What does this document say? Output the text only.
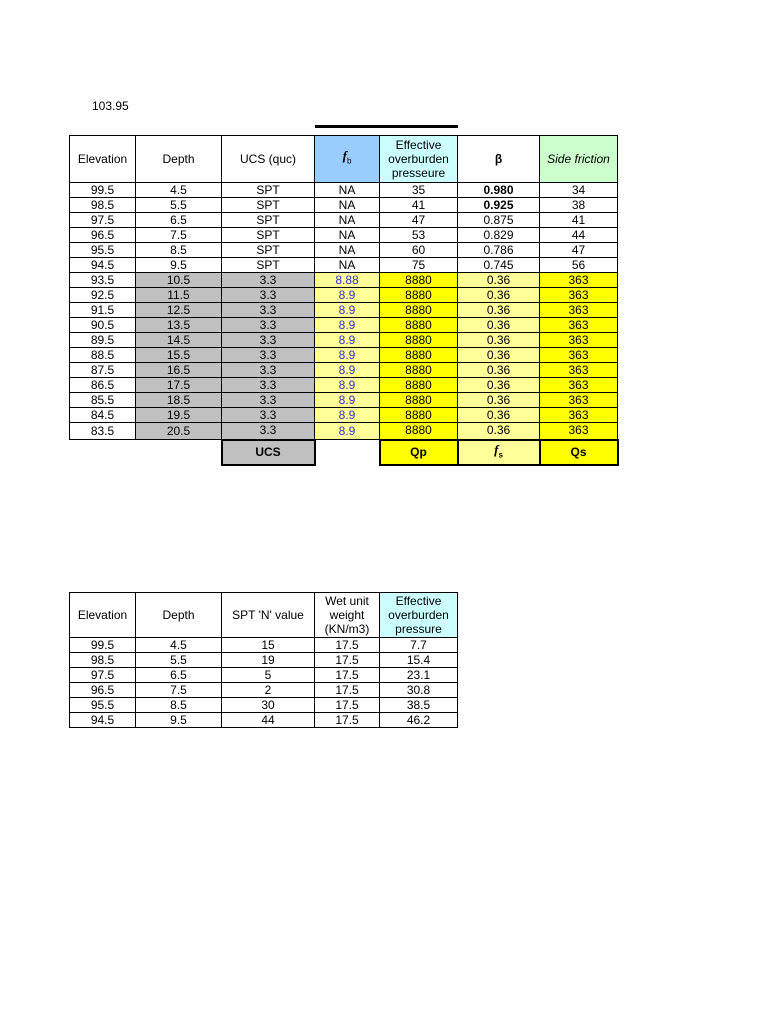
103.95
Elevation	Depth	UCS (quc)	$f_b$	Effective overburden presseure	β	Side friction
99.5	4.5	SPT	NA	35	0.980	34
98.5	5.5	SPT	NA	41	0.925	38
97.5	6.5	SPT	NA	47	0.875	41
96.5	7.5	SPT	NA	53	0.829	44
95.5	8.5	SPT	NA	60	0.786	47
94.5	9.5	SPT	NA	75	0.745	56
93.5	10.5	3.3	8.88	8880	0.36	363
92.5	11.5	3.3	8.9	8880	0.36	363
91.5	12.5	3.3	8.9	8880	0.36	363
90.5	13.5	3.3	8.9	8880	0.36	363
89.5	14.5	3.3	8.9	8880	0.36	363
88.5	15.5	3.3	8.9	8880	0.36	363
87.5	16.5	3.3	8.9	8880	0.36	363
86.5	17.5	3.3	8.9	8880	0.36	363
85.5	18.5	3.3	8.9	8880	0.36	363
84.5	19.5	3.3	8.9	8880	0.36	363
83.5	20.5	3.3	8.9	8880	0.36	363
		UCS		Qp	$f_s$	Qs
Elevation	Depth	SPT 'N' value	Wet unit weight (KN/m3)	Effective overburden pressure
99.5	4.5	15	17.5	7.7
98.5	5.5	19	17.5	15.4
97.5	6.5	5	17.5	23.1
96.5	7.5	2	17.5	30.8
95.5	8.5	30	17.5	38.5
94.5	9.5	44	17.5	46.2
